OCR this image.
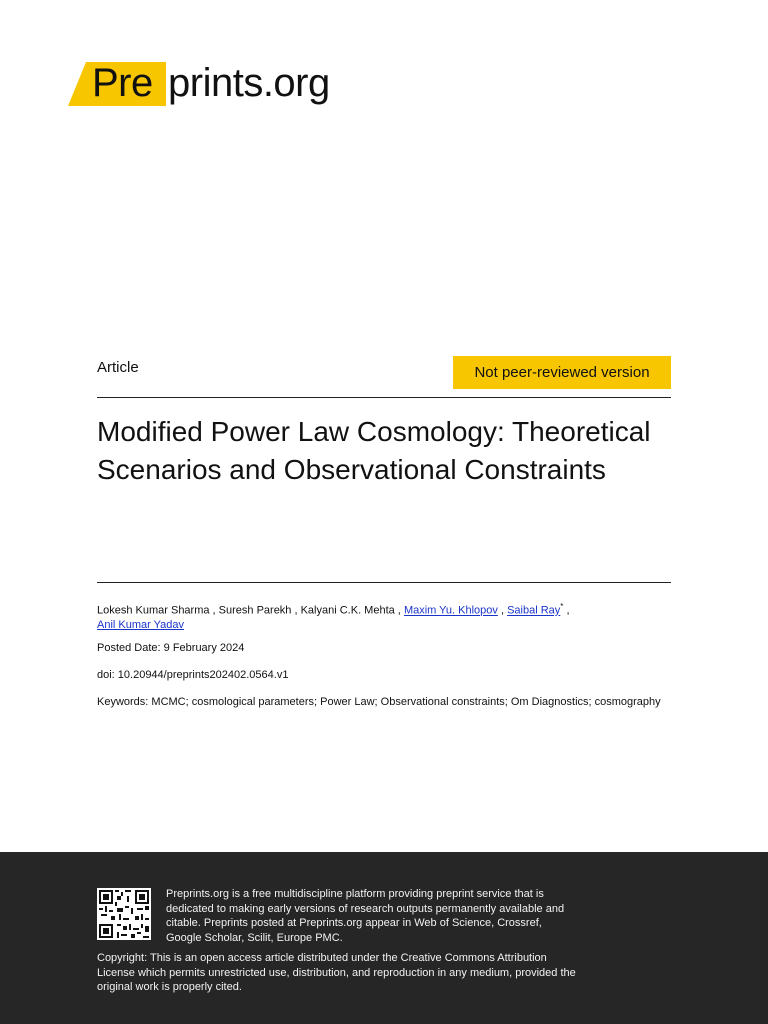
Pre prints.org
Article	Not peer-reviewed version
Modified Power Law Cosmology: Theoretical Scenarios and Observational Constraints
Lokesh Kumar Sharma , Suresh Parekh , Kalyani C.K. Mehta , Maxim Yu. Khlopov , Saibal Ray* ,
Anil Kumar Yadav
Posted Date: 9 February 2024
doi: 10.20944/preprints202402.0564.v1
Keywords: MCMC; cosmological parameters; Power Law; Observational constraints; Om Diagnostics; cosmography
Preprints.org is a free multidiscipline platform providing preprint service that is dedicated to making early versions of research outputs permanently available and citable. Preprints posted at Preprints.org appear in Web of Science, Crossref, Google Scholar, Scilit, Europe PMC.
Copyright: This is an open access article distributed under the Creative Commons Attribution License which permits unrestricted use, distribution, and reproduction in any medium, provided the original work is properly cited.
